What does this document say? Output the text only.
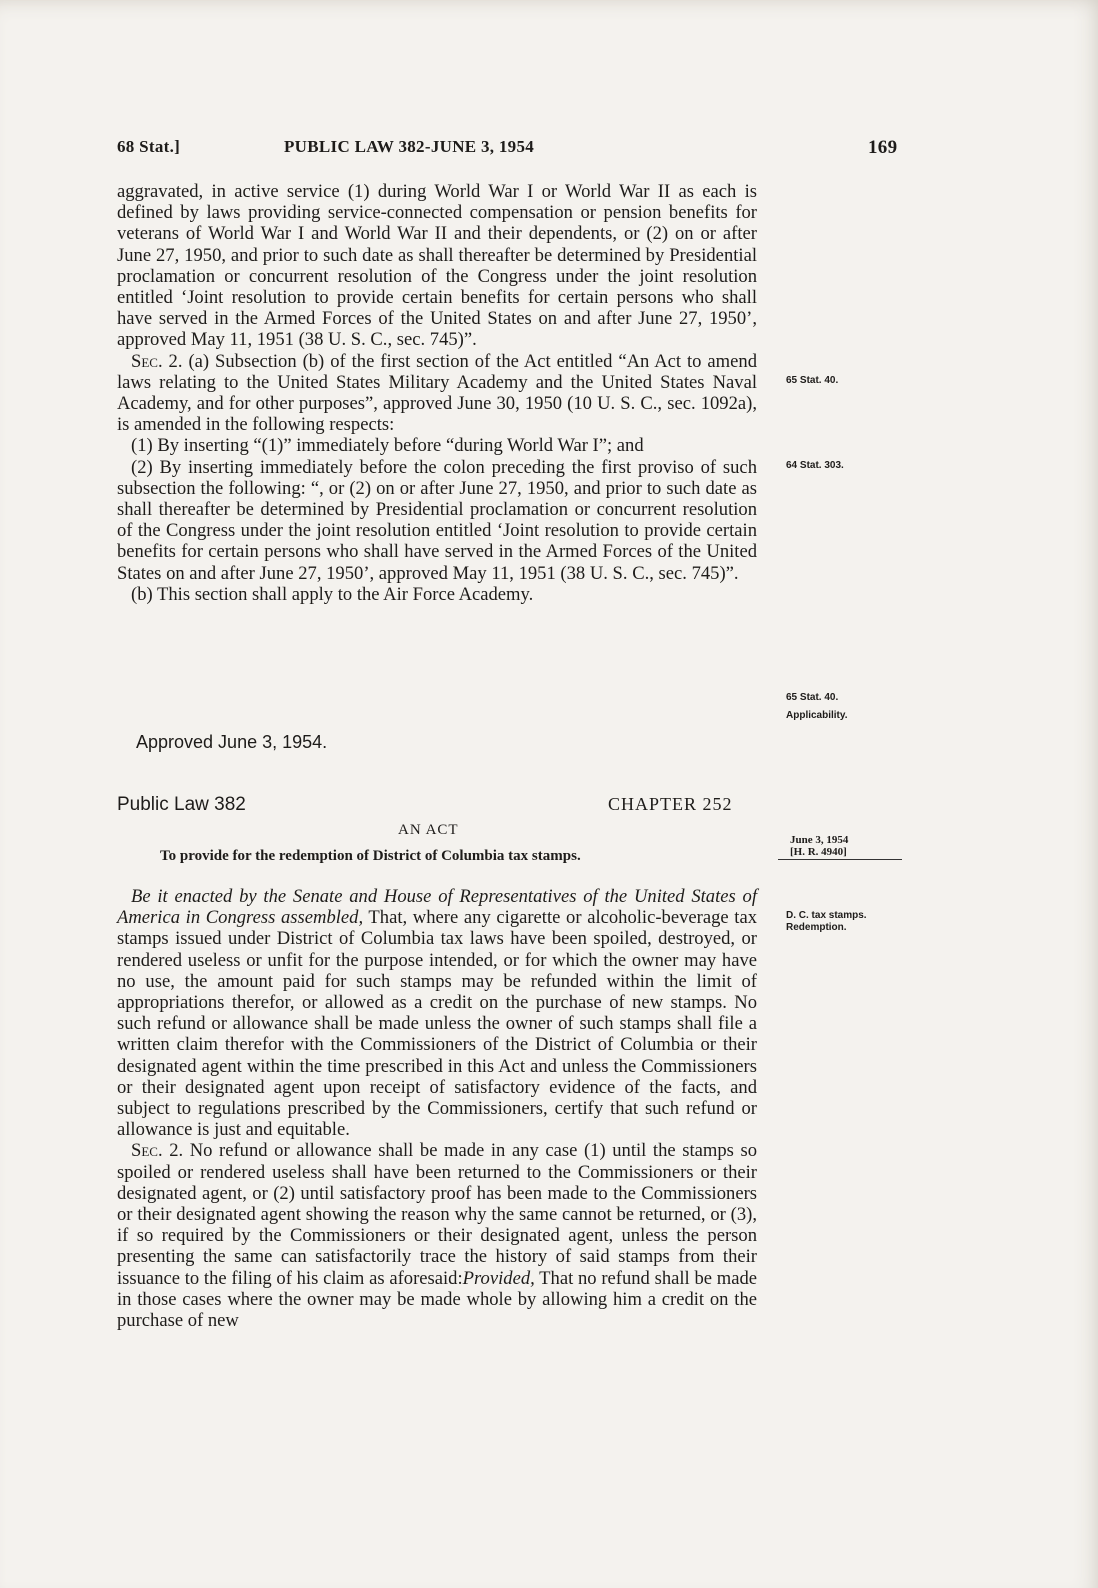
68 Stat.]	PUBLIC LAW 382-JUNE 3, 1954	169

aggravated, in active service (1) during World War I or World War II as each is defined by laws providing service-connected compensation or pension benefits for veterans of World War I and World War II and their dependents, or (2) on or after June 27, 1950, and prior to such date as shall thereafter be determined by Presidential proclamation or concurrent resolution of the Congress under the joint resolution entitled ‘Joint resolution to provide certain benefits for certain persons who shall have served in the Armed Forces of the United States on and after June 27, 1950’, approved May 11, 1951 (38 U. S. C., sec. 745)”.

Sec. 2. (a) Subsection (b) of the first section of the Act entitled “An Act to amend laws relating to the United States Military Academy and the United States Naval Academy, and for other purposes”, approved June 30, 1950 (10 U. S. C., sec. 1092a), is amended in the following respects:

(1) By inserting “(1)” immediately before “during World War I”; and

(2) By inserting immediately before the colon preceding the first proviso of such subsection the following: “, or (2) on or after June 27, 1950, and prior to such date as shall thereafter be determined by Presidential proclamation or concurrent resolution of the Congress under the joint resolution entitled ‘Joint resolution to provide certain benefits for certain persons who shall have served in the Armed Forces of the United States on and after June 27, 1950’, approved May 11, 1951 (38 U. S. C., sec. 745)”.

(b) This section shall apply to the Air Force Academy.

Approved June 3, 1954.
Public Law 382	CHAPTER 252
AN ACT
To provide for the redemption of District of Columbia tax stamps.

Be it enacted by the Senate and House of Representatives of the United States of America in Congress assembled, That, where any cigarette or alcoholic-beverage tax stamps issued under District of Columbia tax laws have been spoiled, destroyed, or rendered useless or unfit for the purpose intended, or for which the owner may have no use, the amount paid for such stamps may be refunded within the limit of appropriations therefor, or allowed as a credit on the purchase of new stamps. No such refund or allowance shall be made unless the owner of such stamps shall file a written claim therefor with the Commissioners of the District of Columbia or their designated agent within the time prescribed in this Act and unless the Commissioners or their designated agent upon receipt of satisfactory evidence of the facts, and subject to regulations prescribed by the Commissioners, certify that such refund or allowance is just and equitable.

Sec. 2. No refund or allowance shall be made in any case (1) until the stamps so spoiled or rendered useless shall have been returned to the Commissioners or their designated agent, or (2) until satisfactory proof has been made to the Commissioners or their designated agent showing the reason why the same cannot be returned, or (3), if so required by the Commissioners or their designated agent, unless the person presenting the same can satisfactorily trace the history of said stamps from their issuance to the filing of his claim as aforesaid:Provided, That no refund shall be made in those cases where the owner may be made whole by allowing him a credit on the purchase of new

65 Stat. 40.
64 Stat. 303.
65 Stat. 40.
Applicability.
June 3, 1954
[H. R. 4940]
D. C. tax stamps.
Redemption.
